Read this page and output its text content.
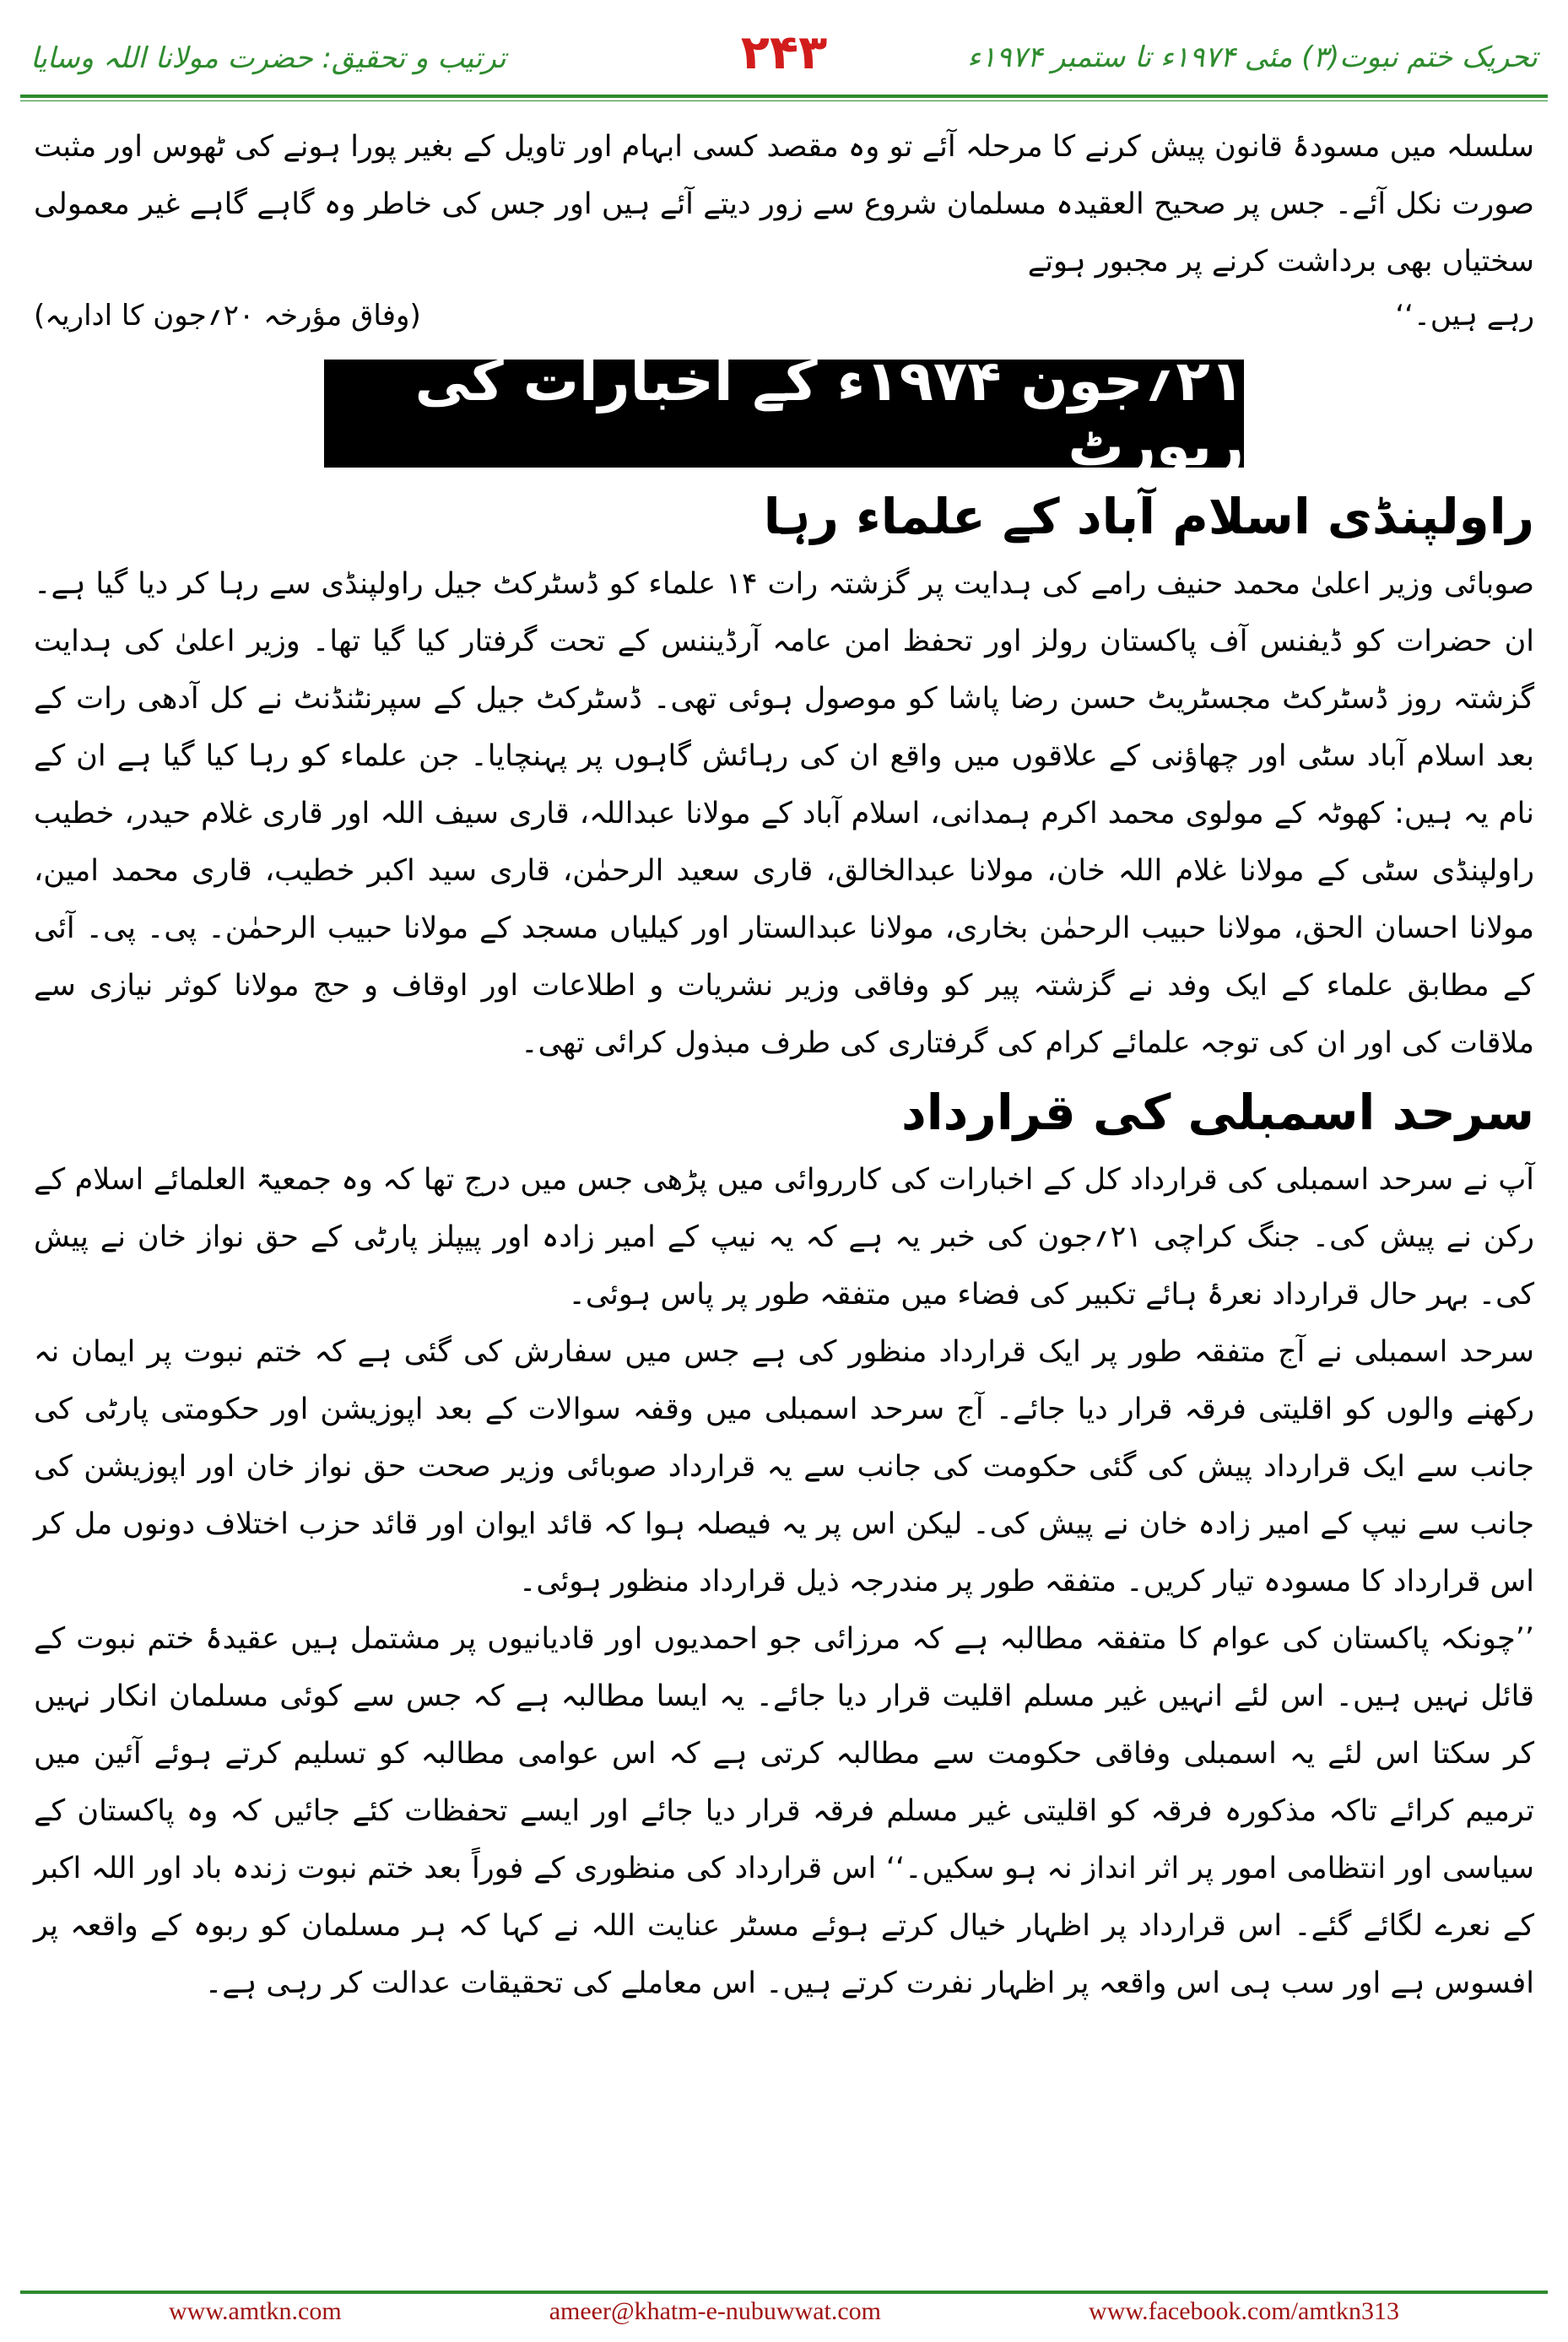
تحریک ختم نبوت(۳) مئی ۱۹۷۴ء تا ستمبر ۱۹۷۴ء
۲۴۳
ترتیب و تحقیق: حضرت مولانا اللہ وسایا

سلسلہ میں مسودۂ قانون پیش کرنے کا مرحلہ آئے تو وہ مقصد کسی ابہام اور تاویل کے بغیر پورا ہونے کی ٹھوس اور مثبت صورت نکل آئے۔ جس پر صحیح العقیدہ مسلمان شروع سے زور دیتے آئے ہیں اور جس کی خاطر وہ گاہے گاہے غیر معمولی سختیاں بھی برداشت کرنے پر مجبور ہوتے

رہے ہیں۔‘‘
(وفاق مؤرخہ ۲۰؍جون کا اداریہ)
۲۱؍جون ۱۹۷۴ء کے اخبارات کی رپورٹ
راولپنڈی اسلام آباد کے علماء رہا

صوبائی وزیر اعلیٰ محمد حنیف رامے کی ہدایت پر گزشتہ رات ۱۴ علماء کو ڈسٹرکٹ جیل راولپنڈی سے رہا کر دیا گیا ہے۔ ان حضرات کو ڈیفنس آف پاکستان رولز اور تحفظ امن عامہ آرڈیننس کے تحت گرفتار کیا گیا تھا۔ وزیر اعلیٰ کی ہدایت گزشتہ روز ڈسٹرکٹ مجسٹریٹ حسن رضا پاشا کو موصول ہوئی تھی۔ ڈسٹرکٹ جیل کے سپرنٹنڈنٹ نے کل آدھی رات کے بعد اسلام آباد سٹی اور چھاؤنی کے علاقوں میں واقع ان کی رہائش گاہوں پر پہنچایا۔ جن علماء کو رہا کیا گیا ہے ان کے نام یہ ہیں: کھوٹہ کے مولوی محمد اکرم ہمدانی، اسلام آباد کے مولانا عبداللہ، قاری سیف اللہ اور قاری غلام حیدر، خطیب راولپنڈی سٹی کے مولانا غلام اللہ خان، مولانا عبدالخالق، قاری سعید الرحمٰن، قاری سید اکبر خطیب، قاری محمد امین، مولانا احسان الحق، مولانا حبیب الرحمٰن بخاری، مولانا عبدالستار اور کیلیاں مسجد کے مولانا حبیب الرحمٰن۔ پی۔ پی۔ آئی کے مطابق علماء کے ایک وفد نے گزشتہ پیر کو وفاقی وزیر نشریات و اطلاعات اور اوقاف و حج مولانا کوثر نیازی سے ملاقات کی اور ان کی توجہ علمائے کرام کی گرفتاری کی طرف مبذول کرائی تھی۔

سرحد اسمبلی کی قرارداد

آپ نے سرحد اسمبلی کی قرارداد کل کے اخبارات کی کارروائی میں پڑھی جس میں درج تھا کہ وہ جمعیۃ العلمائے اسلام کے رکن نے پیش کی۔ جنگ کراچی ۲۱؍جون کی خبر یہ ہے کہ یہ نیپ کے امیر زادہ اور پیپلز پارٹی کے حق نواز خان نے پیش کی۔ بہر حال قرارداد نعرۂ ہائے تکبیر کی فضاء میں متفقہ طور پر پاس ہوئی۔

سرحد اسمبلی نے آج متفقہ طور پر ایک قرارداد منظور کی ہے جس میں سفارش کی گئی ہے کہ ختم نبوت پر ایمان نہ رکھنے والوں کو اقلیتی فرقہ قرار دیا جائے۔ آج سرحد اسمبلی میں وقفہ سوالات کے بعد اپوزیشن اور حکومتی پارٹی کی جانب سے ایک قرارداد پیش کی گئی حکومت کی جانب سے یہ قرارداد صوبائی وزیر صحت حق نواز خان اور اپوزیشن کی جانب سے نیپ کے امیر زادہ خان نے پیش کی۔ لیکن اس پر یہ فیصلہ ہوا کہ قائد ایوان اور قائد حزب اختلاف دونوں مل کر اس قرارداد کا مسودہ تیار کریں۔ متفقہ طور پر مندرجہ ذیل قرارداد منظور ہوئی۔

’’چونکہ پاکستان کی عوام کا متفقہ مطالبہ ہے کہ مرزائی جو احمدیوں اور قادیانیوں پر مشتمل ہیں عقیدۂ ختم نبوت کے قائل نہیں ہیں۔ اس لئے انہیں غیر مسلم اقلیت قرار دیا جائے۔ یہ ایسا مطالبہ ہے کہ جس سے کوئی مسلمان انکار نہیں کر سکتا اس لئے یہ اسمبلی وفاقی حکومت سے مطالبہ کرتی ہے کہ اس عوامی مطالبہ کو تسلیم کرتے ہوئے آئین میں ترمیم کرائے تاکہ مذکورہ فرقہ کو اقلیتی غیر مسلم فرقہ قرار دیا جائے اور ایسے تحفظات کئے جائیں کہ وہ پاکستان کے سیاسی اور انتظامی امور پر اثر انداز نہ ہو سکیں۔‘‘ اس قرارداد کی منظوری کے فوراً بعد ختم نبوت زندہ باد اور اللہ اکبر کے نعرے لگائے گئے۔ اس قرارداد پر اظہار خیال کرتے ہوئے مسٹر عنایت اللہ نے کہا کہ ہر مسلمان کو ربوہ کے واقعہ پر افسوس ہے اور سب ہی اس واقعہ پر اظہار نفرت کرتے ہیں۔ اس معاملے کی تحقیقات عدالت کر رہی ہے۔

www.amtkn.com	ameer@khatm-e-nubuwwat.com	www.facebook.com/amtkn313
